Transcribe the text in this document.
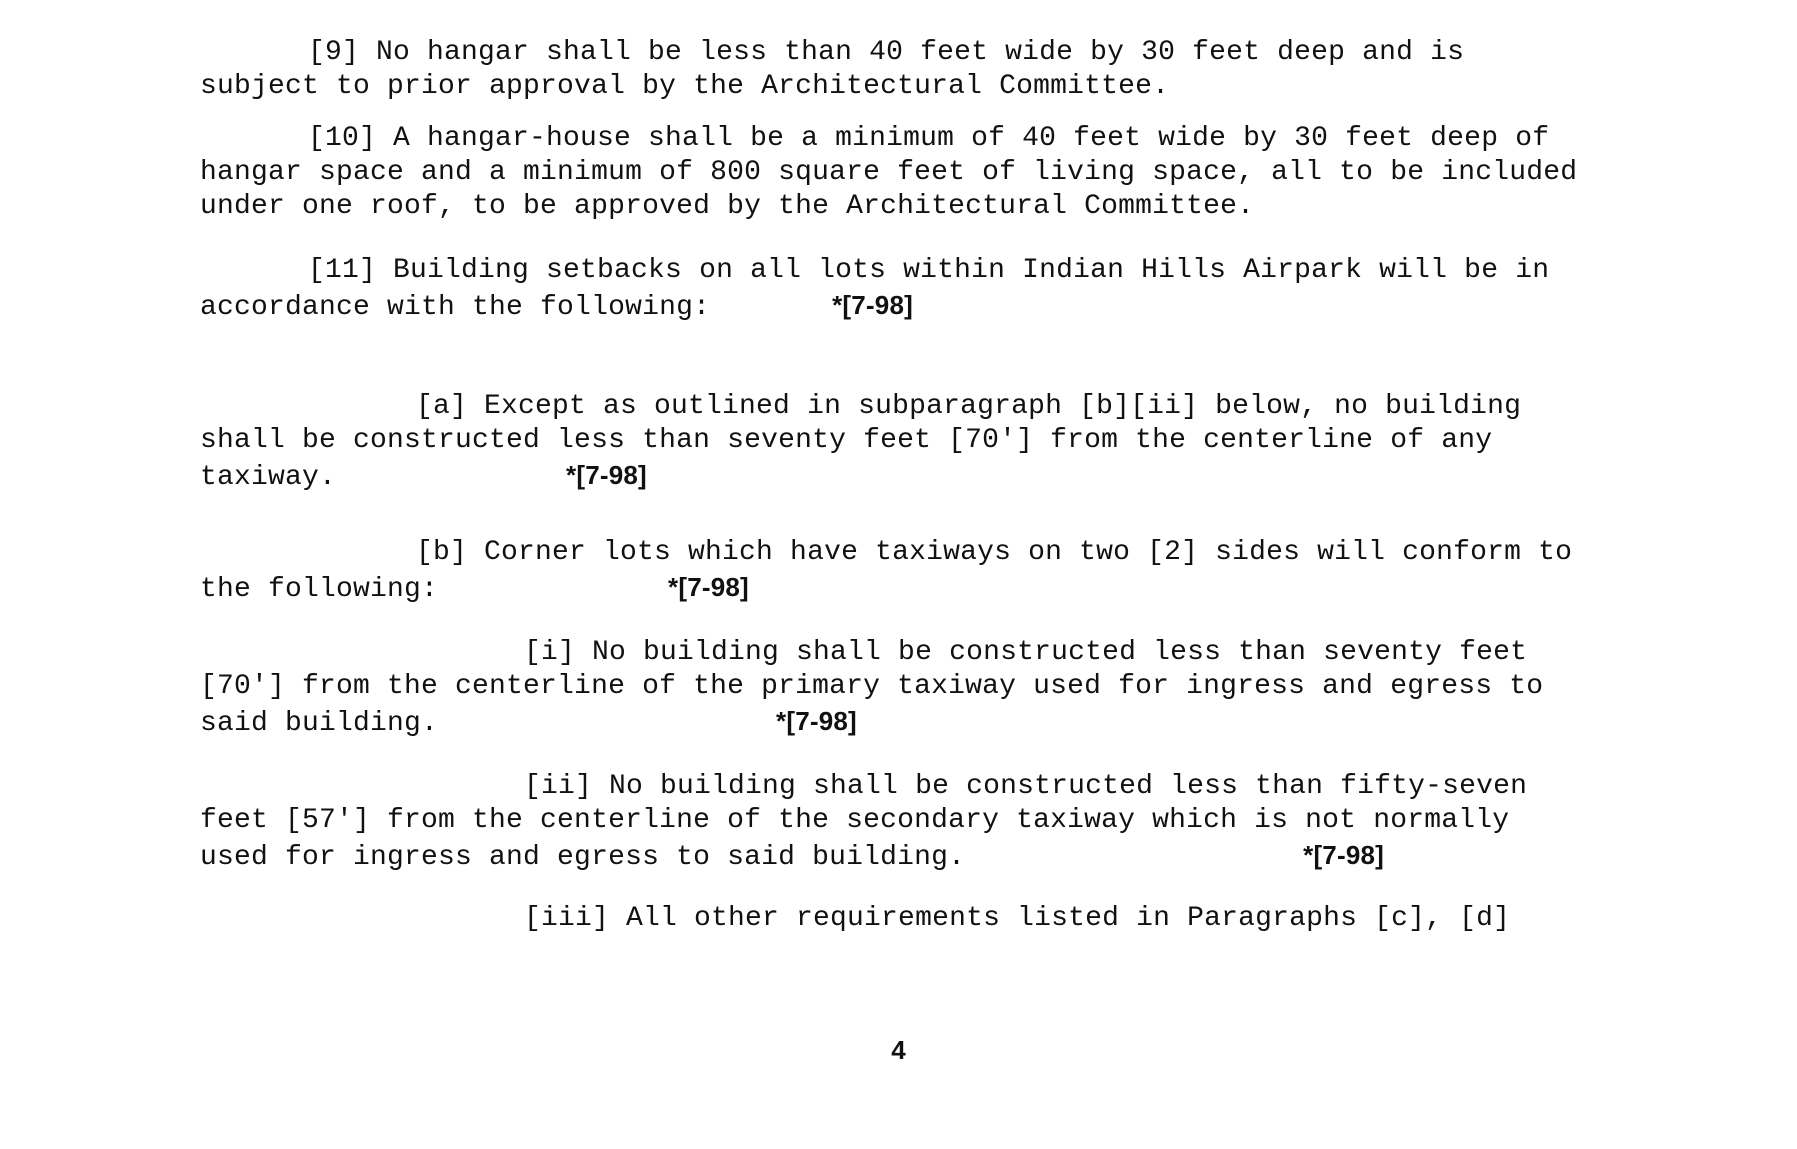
[9] No hangar shall be less than 40 feet wide by 30 feet deep and is subject to prior approval by the Architectural Committee.
[10] A hangar-house shall be a minimum of 40 feet wide by 30 feet deep of hangar space and a minimum of 800 square feet of living space, all to be included under one roof, to be approved by the Architectural Committee.
[11] Building setbacks on all lots within Indian Hills Airpark will be in accordance with the following:	*[7-98]
[a] Except as outlined in subparagraph [b][ii] below, no building shall be constructed less than seventy feet [70'] from the centerline of any taxiway.	*[7-98]
[b] Corner lots which have taxiways on two [2] sides will conform to the following:	*[7-98]
[i] No building shall be constructed less than seventy feet [70'] from the centerline of the primary taxiway used for ingress and egress to said building.	*[7-98]
[ii] No building shall be constructed less than fifty-seven feet [57'] from the centerline of the secondary taxiway which is not normally used for ingress and egress to said building.	*[7-98]
[iii] All other requirements listed in Paragraphs [c], [d]
4
